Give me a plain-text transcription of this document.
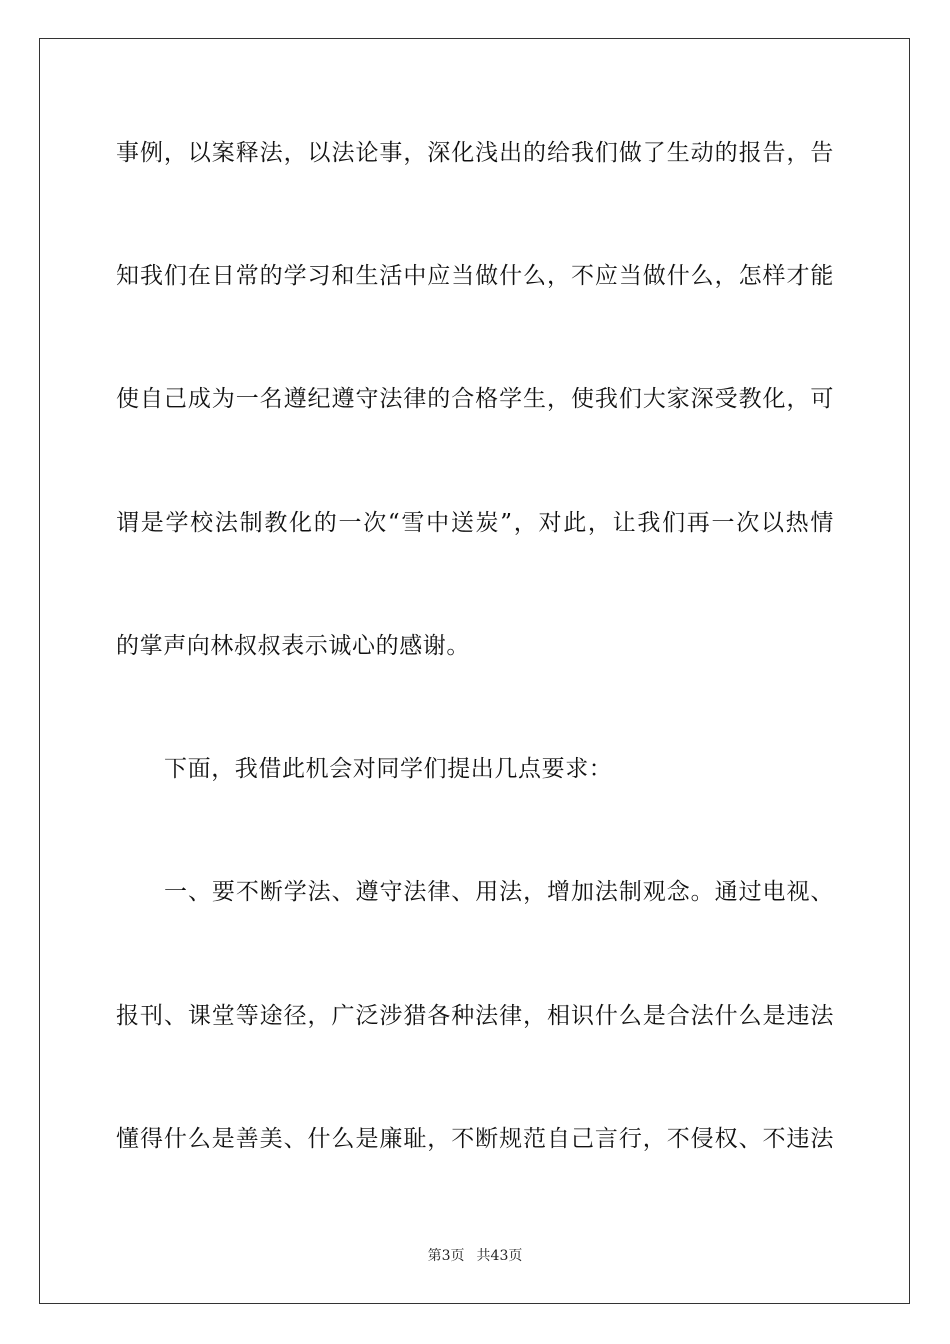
事例，以案释法，以法论事，深化浅出的给我们做了生动的报告，告
知我们在日常的学习和生活中应当做什么，不应当做什么，怎样才能
使自己成为一名遵纪遵守法律的合格学生，使我们大家深受教化，可
谓是学校法制教化的一次“雪中送炭”，对此，让我们再一次以热情
的掌声向林叔叔表示诚心的感谢。
下面，我借此机会对同学们提出几点要求：
一、要不断学法、遵守法律、用法，增加法制观念。通过电视、
报刊、课堂等途径，广泛涉猎各种法律，相识什么是合法什么是违法
懂得什么是善美、什么是廉耻，不断规范自己言行，不侵权、不违法
第3页 共43页
